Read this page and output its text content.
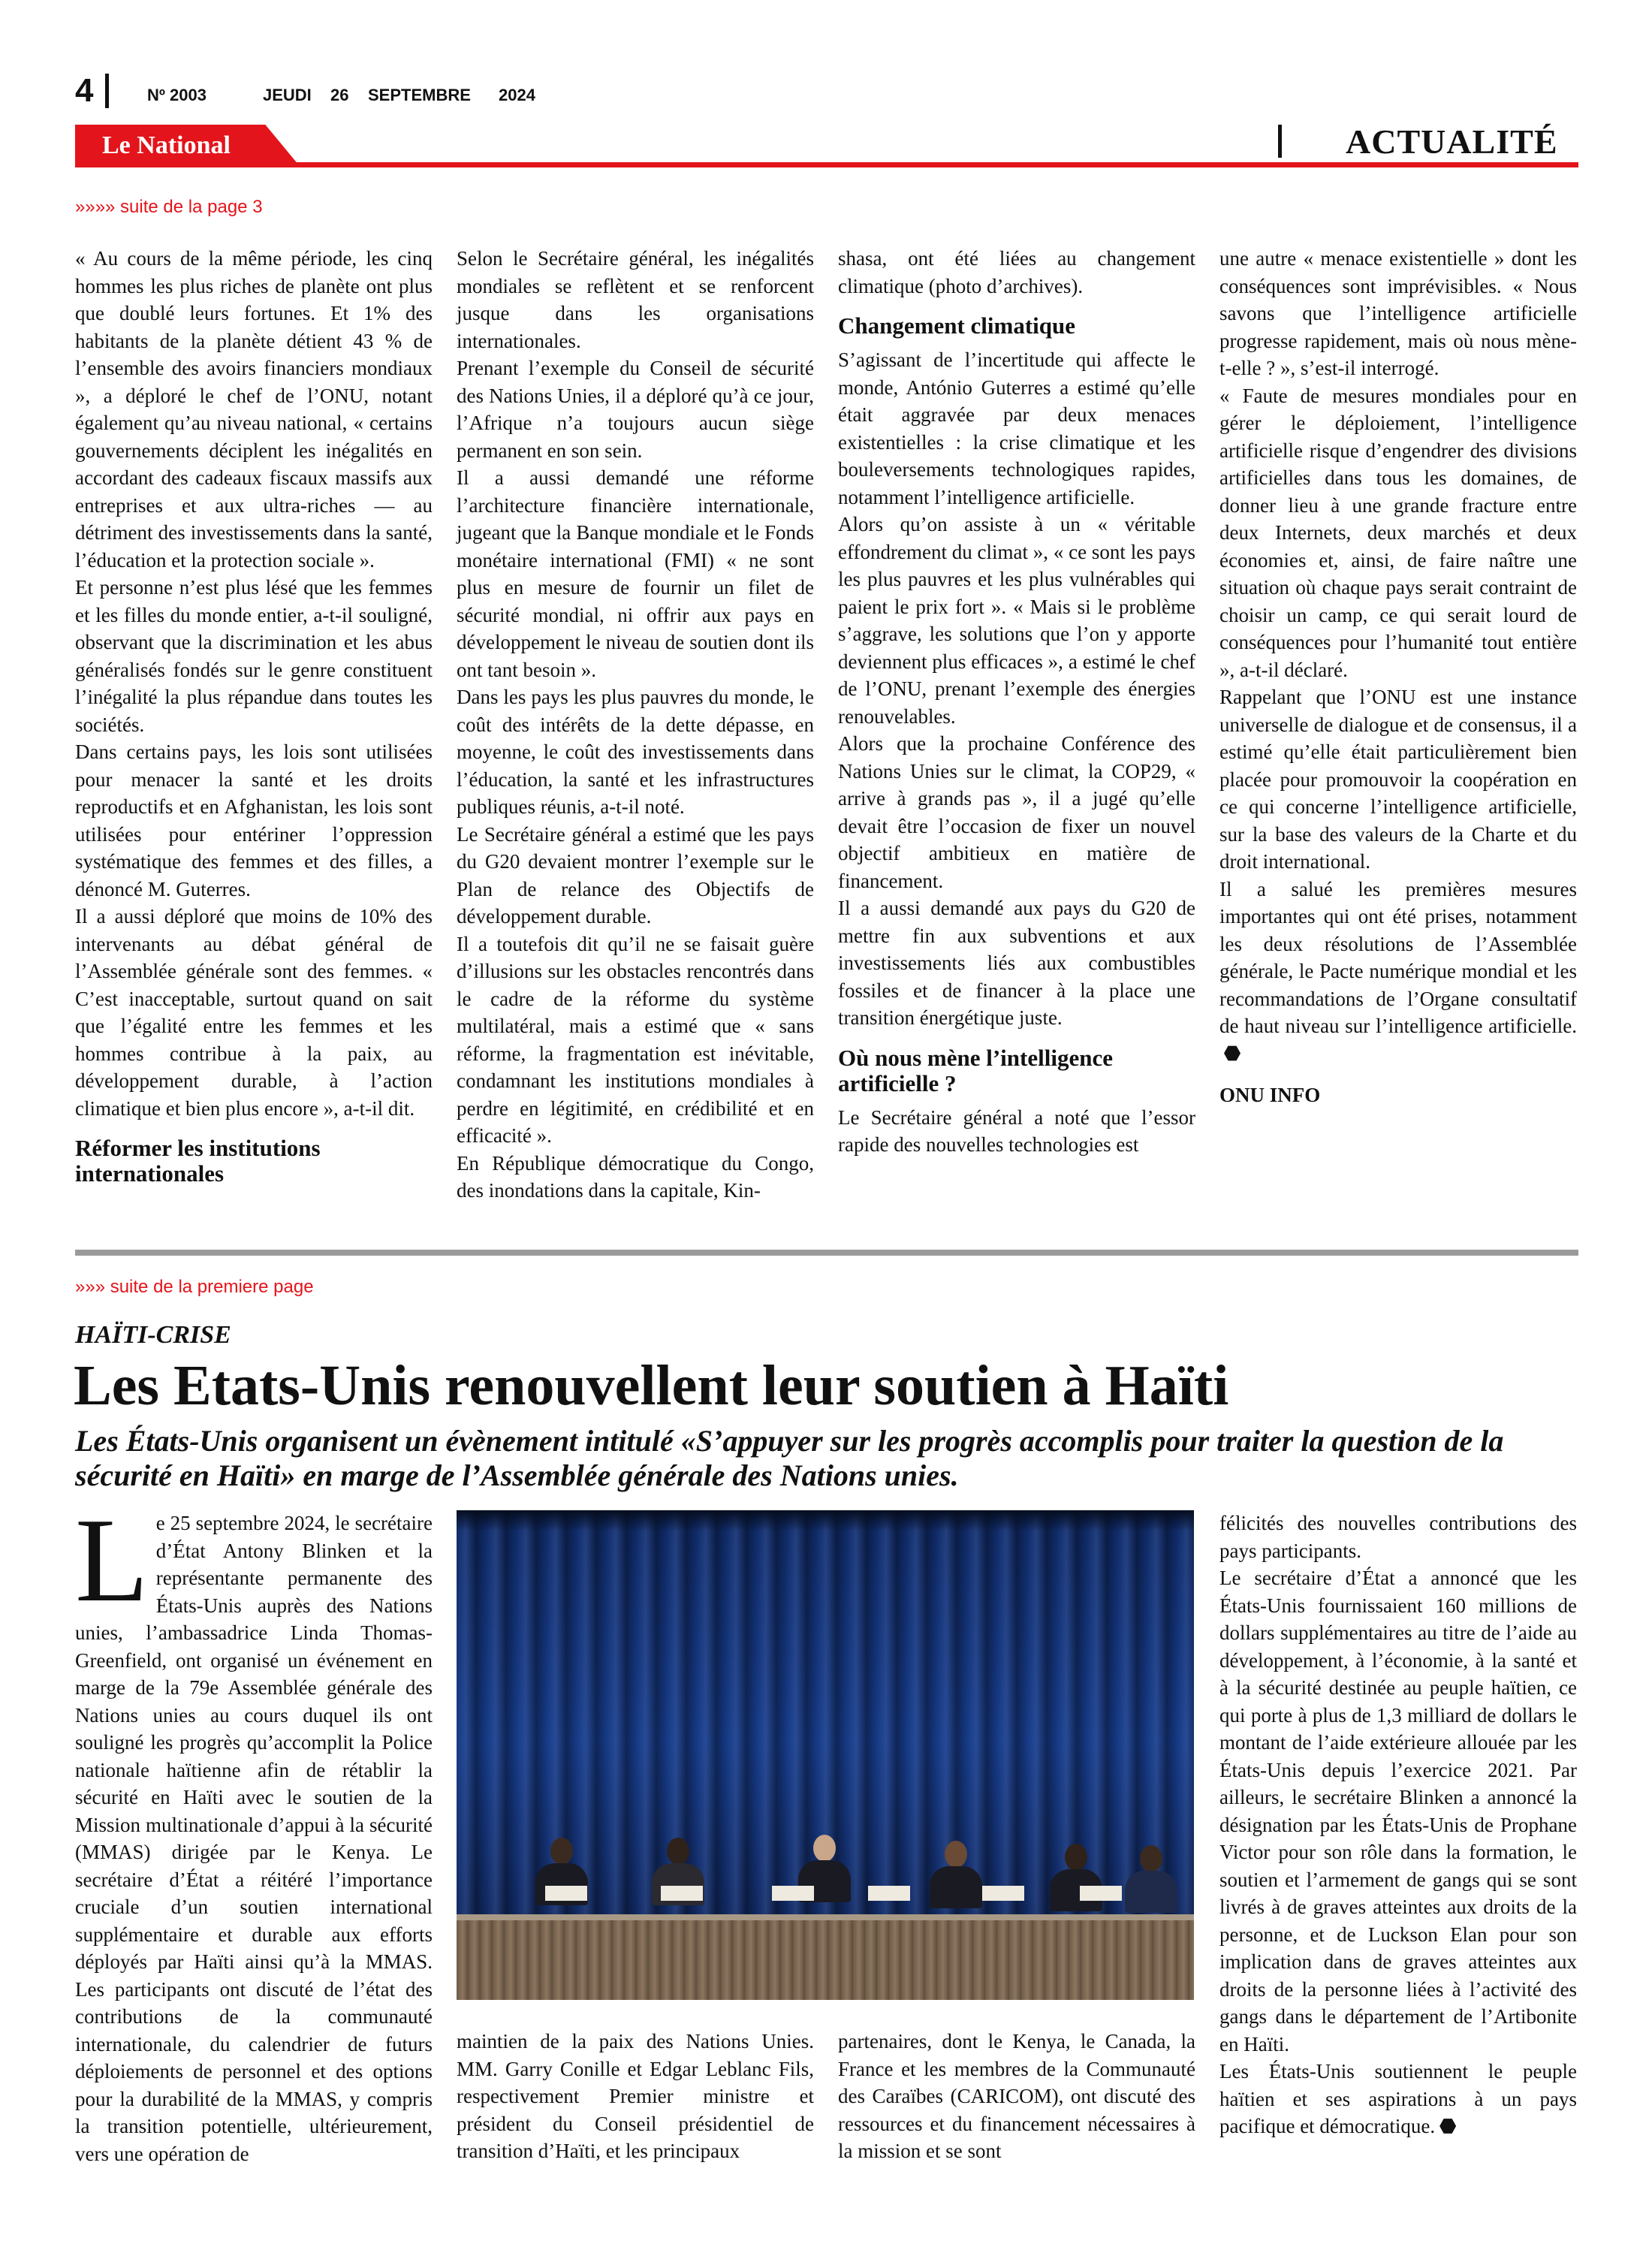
4	Nº 2003	JEUDI 26 SEPTEMBRE 2024
Le National	ACTUALITÉ
»»»» suite de la page 3

« Au cours de la même période, les cinq hommes les plus riches de planète ont plus que doublé leurs fortunes. Et 1% des habitants de la planète détient 43 % de l’ensemble des avoirs financiers mondiaux », a déploré le chef de l’ONU, notant également qu’au niveau national, « certains gouvernements déciplent les inégalités en accordant des cadeaux fiscaux massifs aux entreprises et aux ultra-riches — au détriment des investissements dans la santé, l’éducation et la protection sociale ».

Et personne n’est plus lésé que les femmes et les filles du monde entier, a-t-il souligné, observant que la discrimination et les abus généralisés fondés sur le genre constituent l’inégalité la plus répandue dans toutes les sociétés.

Dans certains pays, les lois sont utilisées pour menacer la santé et les droits reproductifs et en Afghanistan, les lois sont utilisées pour entériner l’oppression systématique des femmes et des filles, a dénoncé M. Guterres.

Il a aussi déploré que moins de 10% des intervenants au débat général de l’Assemblée générale sont des femmes. « C’est inacceptable, surtout quand on sait que l’égalité entre les femmes et les hommes contribue à la paix, au développement durable, à l’action climatique et bien plus encore », a-t-il dit.

Réformer les institutions internationales

Selon le Secrétaire général, les inégalités mondiales se reflètent et se renforcent jusque dans les organisations internationales.

Prenant l’exemple du Conseil de sécurité des Nations Unies, il a déploré qu’à ce jour, l’Afrique n’a toujours aucun siège permanent en son sein.

Il a aussi demandé une réforme l’architecture financière internationale, jugeant que la Banque mondiale et le Fonds monétaire international (FMI) « ne sont plus en mesure de fournir un filet de sécurité mondial, ni offrir aux pays en développement le niveau de soutien dont ils ont tant besoin ».

Dans les pays les plus pauvres du monde, le coût des intérêts de la dette dépasse, en moyenne, le coût des investissements dans l’éducation, la santé et les infrastructures publiques réunis, a-t-il noté.

Le Secrétaire général a estimé que les pays du G20 devaient montrer l’exemple sur le Plan de relance des Objectifs de développement durable.

Il a toutefois dit qu’il ne se faisait guère d’illusions sur les obstacles rencontrés dans le cadre de la réforme du système multilatéral, mais a estimé que « sans réforme, la fragmentation est inévitable, condamnant les institutions mondiales à perdre en légitimité, en crédibilité et en efficacité ».

En République démocratique du Congo, des inondations dans la capitale, Kin-

shasa, ont été liées au changement climatique (photo d’archives).

Changement climatique

S’agissant de l’incertitude qui affecte le monde, António Guterres a estimé qu’elle était aggravée par deux menaces existentielles : la crise climatique et les bouleversements technologiques rapides, notamment l’intelligence artificielle.

Alors qu’on assiste à un « véritable effondrement du climat », « ce sont les pays les plus pauvres et les plus vulnérables qui paient le prix fort ». « Mais si le problème s’aggrave, les solutions que l’on y apporte deviennent plus efficaces », a estimé le chef de l’ONU, prenant l’exemple des énergies renouvelables.

Alors que la prochaine Conférence des Nations Unies sur le climat, la COP29, « arrive à grands pas », il a jugé qu’elle devait être l’occasion de fixer un nouvel objectif ambitieux en matière de financement.

Il a aussi demandé aux pays du G20 de mettre fin aux subventions et aux investissements liés aux combustibles fossiles et de financer à la place une transition énergétique juste.

Où nous mène l’intelligence artificielle ?

Le Secrétaire général a noté que l’essor rapide des nouvelles technologies est

une autre « menace existentielle » dont les conséquences sont imprévisibles. « Nous savons que l’intelligence artificielle progresse rapidement, mais où nous mène-t-elle ? », s’est-il interrogé.

« Faute de mesures mondiales pour en gérer le déploiement, l’intelligence artificielle risque d’engendrer des divisions artificielles dans tous les domaines, de donner lieu à une grande fracture entre deux Internets, deux marchés et deux économies et, ainsi, de faire naître une situation où chaque pays serait contraint de choisir un camp, ce qui serait lourd de conséquences pour l’humanité tout entière », a-t-il déclaré.

Rappelant que l’ONU est une instance universelle de dialogue et de consensus, il a estimé qu’elle était particulièrement bien placée pour promouvoir la coopération en ce qui concerne l’intelligence artificielle, sur la base des valeurs de la Charte et du droit international.

Il a salué les premières mesures importantes qui ont été prises, notamment les deux résolutions de l’Assemblée générale, le Pacte numérique mondial et les recommandations de l’Organe consultatif de haut niveau sur l’intelligence artificielle.

ONU INFO
»»» suite de la premiere page
HAÏTI-CRISE
Les Etats-Unis renouvellent leur soutien à Haïti
Les États-Unis organisent un évènement intitulé «S’appuyer sur les progrès accomplis pour traiter la question de la sécurité en Haïti» en marge de l’Assemblée générale des Nations unies.

Le 25 septembre 2024, le secrétaire d’État Antony Blinken et la représentante permanente des États-Unis auprès des Nations unies, l’ambassadrice Linda Thomas-Greenfield, ont organisé un événement en marge de la 79e Assemblée générale des Nations unies au cours duquel ils ont souligné les progrès qu’accomplit la Police nationale haïtienne afin de rétablir la sécurité en Haïti avec le soutien de la Mission multinationale d’appui à la sécurité (MMAS) dirigée par le Kenya. Le secrétaire d’État a réitéré l’importance cruciale d’un soutien international supplémentaire et durable aux efforts déployés par Haïti ainsi qu’à la MMAS. Les participants ont discuté de l’état des contributions de la communauté internationale, du calendrier de futurs déploiements de personnel et des options pour la durabilité de la MMAS, y compris la transition potentielle, ultérieurement, vers une opération de

maintien de la paix des Nations Unies. MM. Garry Conille et Edgar Leblanc Fils, respectivement Premier ministre et président du Conseil présidentiel de transition d’Haïti, et les principaux

partenaires, dont le Kenya, le Canada, la France et les membres de la Communauté des Caraïbes (CARICOM), ont discuté des ressources et du financement nécessaires à la mission et se sont

félicités des nouvelles contributions des pays participants.

Le secrétaire d’État a annoncé que les États-Unis fournissaient 160 millions de dollars supplémentaires au titre de l’aide au développement, à l’économie, à la santé et à la sécurité destinée au peuple haïtien, ce qui porte à plus de 1,3 milliard de dollars le montant de l’aide extérieure allouée par les États-Unis depuis l’exercice 2021. Par ailleurs, le secrétaire Blinken a annoncé la désignation par les États-Unis de Prophane Victor pour son rôle dans la formation, le soutien et l’armement de gangs qui se sont livrés à de graves atteintes aux droits de la personne, et de Luckson Elan pour son implication dans de graves atteintes aux droits de la personne liées à l’activité des gangs dans le département de l’Artibonite en Haïti.

Les États-Unis soutiennent le peuple haïtien et ses aspirations à un pays pacifique et démocratique.
